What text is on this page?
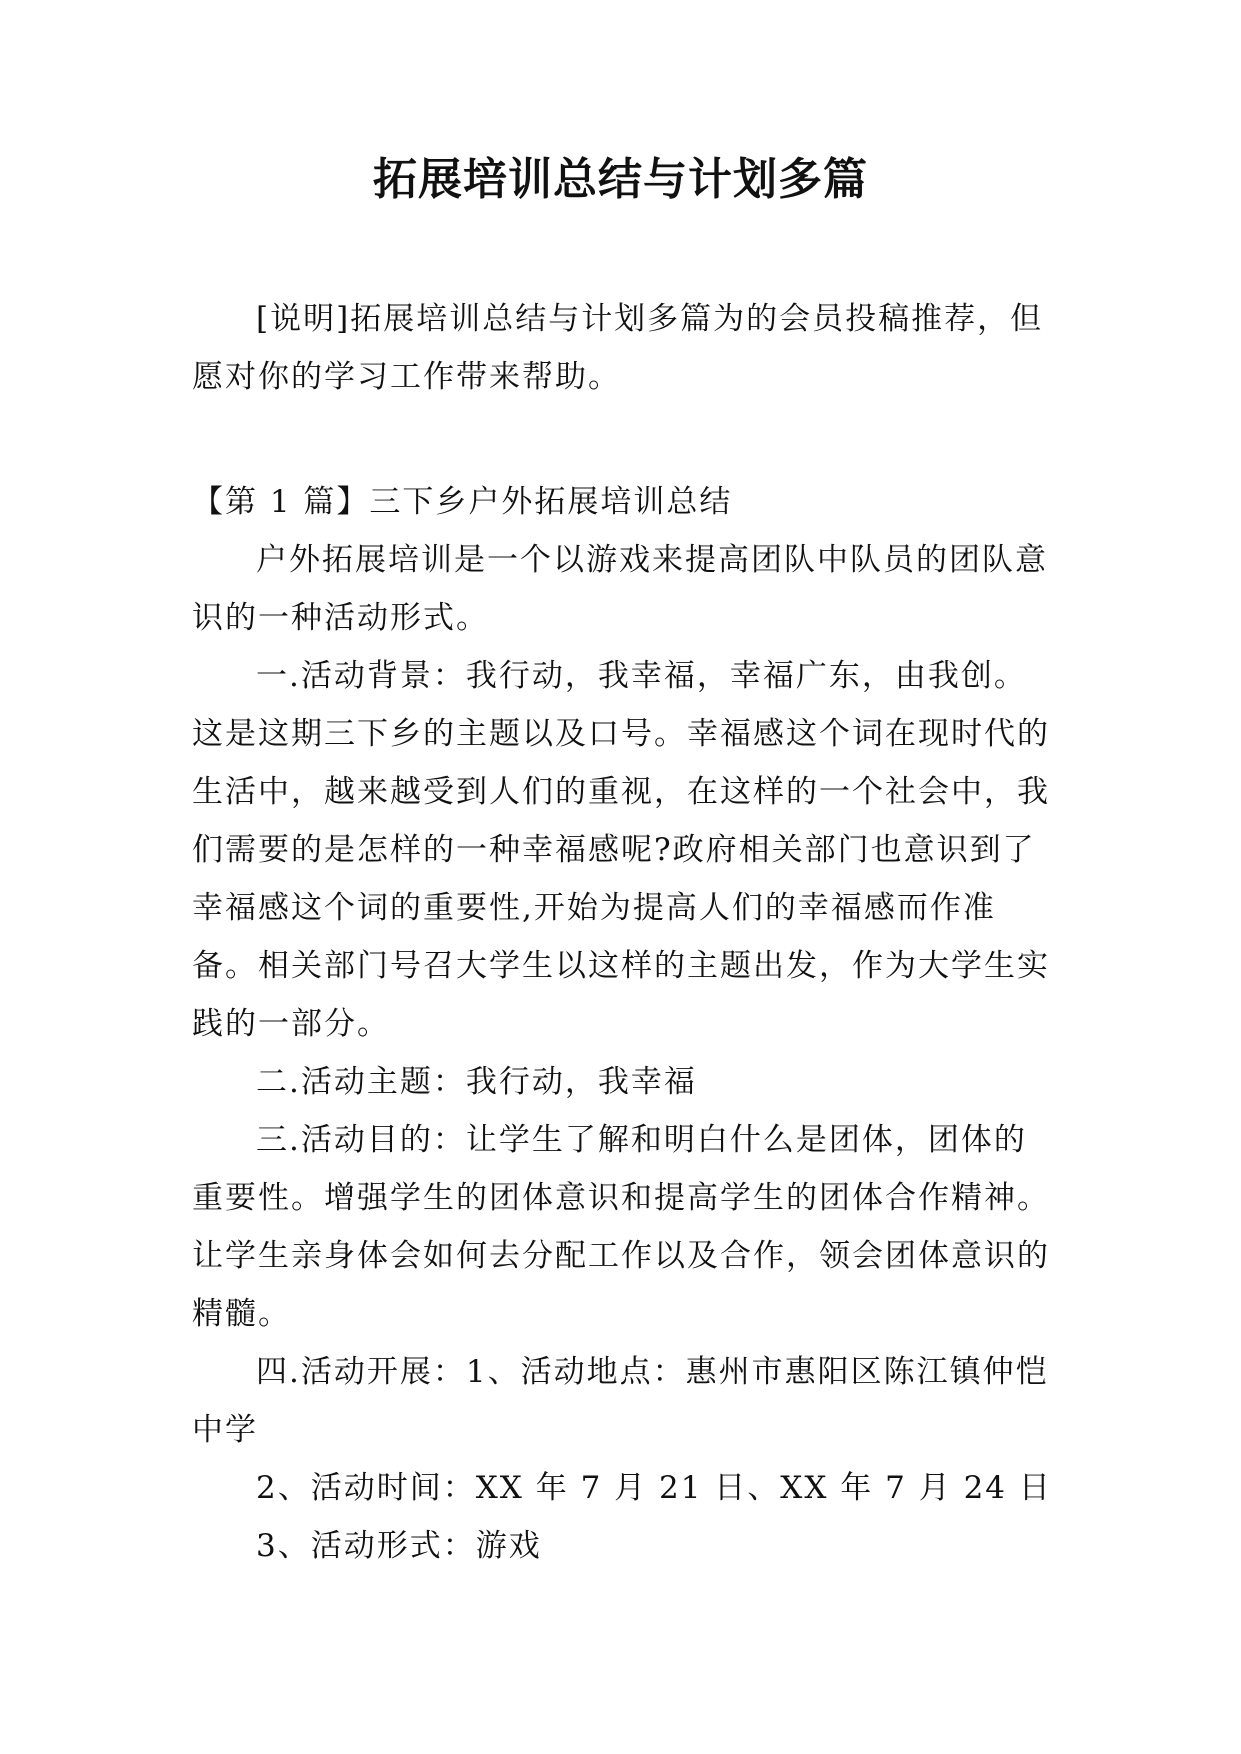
拓展培训总结与计划多篇

[说明]拓展培训总结与计划多篇为的会员投稿推荐，但愿对你的学习工作带来帮助。

【第 1 篇】三下乡户外拓展培训总结

户外拓展培训是一个以游戏来提高团队中队员的团队意识的一种活动形式。

一.活动背景：我行动，我幸福，幸福广东，由我创。这是这期三下乡的主题以及口号。幸福感这个词在现时代的生活中，越来越受到人们的重视，在这样的一个社会中，我们需要的是怎样的一种幸福感呢?政府相关部门也意识到了幸福感这个词的重要性,开始为提高人们的幸福感而作准备。相关部门号召大学生以这样的主题出发，作为大学生实践的一部分。

二.活动主题：我行动，我幸福

三.活动目的：让学生了解和明白什么是团体，团体的重要性。增强学生的团体意识和提高学生的团体合作精神。让学生亲身体会如何去分配工作以及合作，领会团体意识的精髓。

四.活动开展：1、活动地点：惠州市惠阳区陈江镇仲恺中学

2、活动时间：XX 年 7 月 21 日、XX 年 7 月 24 日

3、活动形式：游戏
